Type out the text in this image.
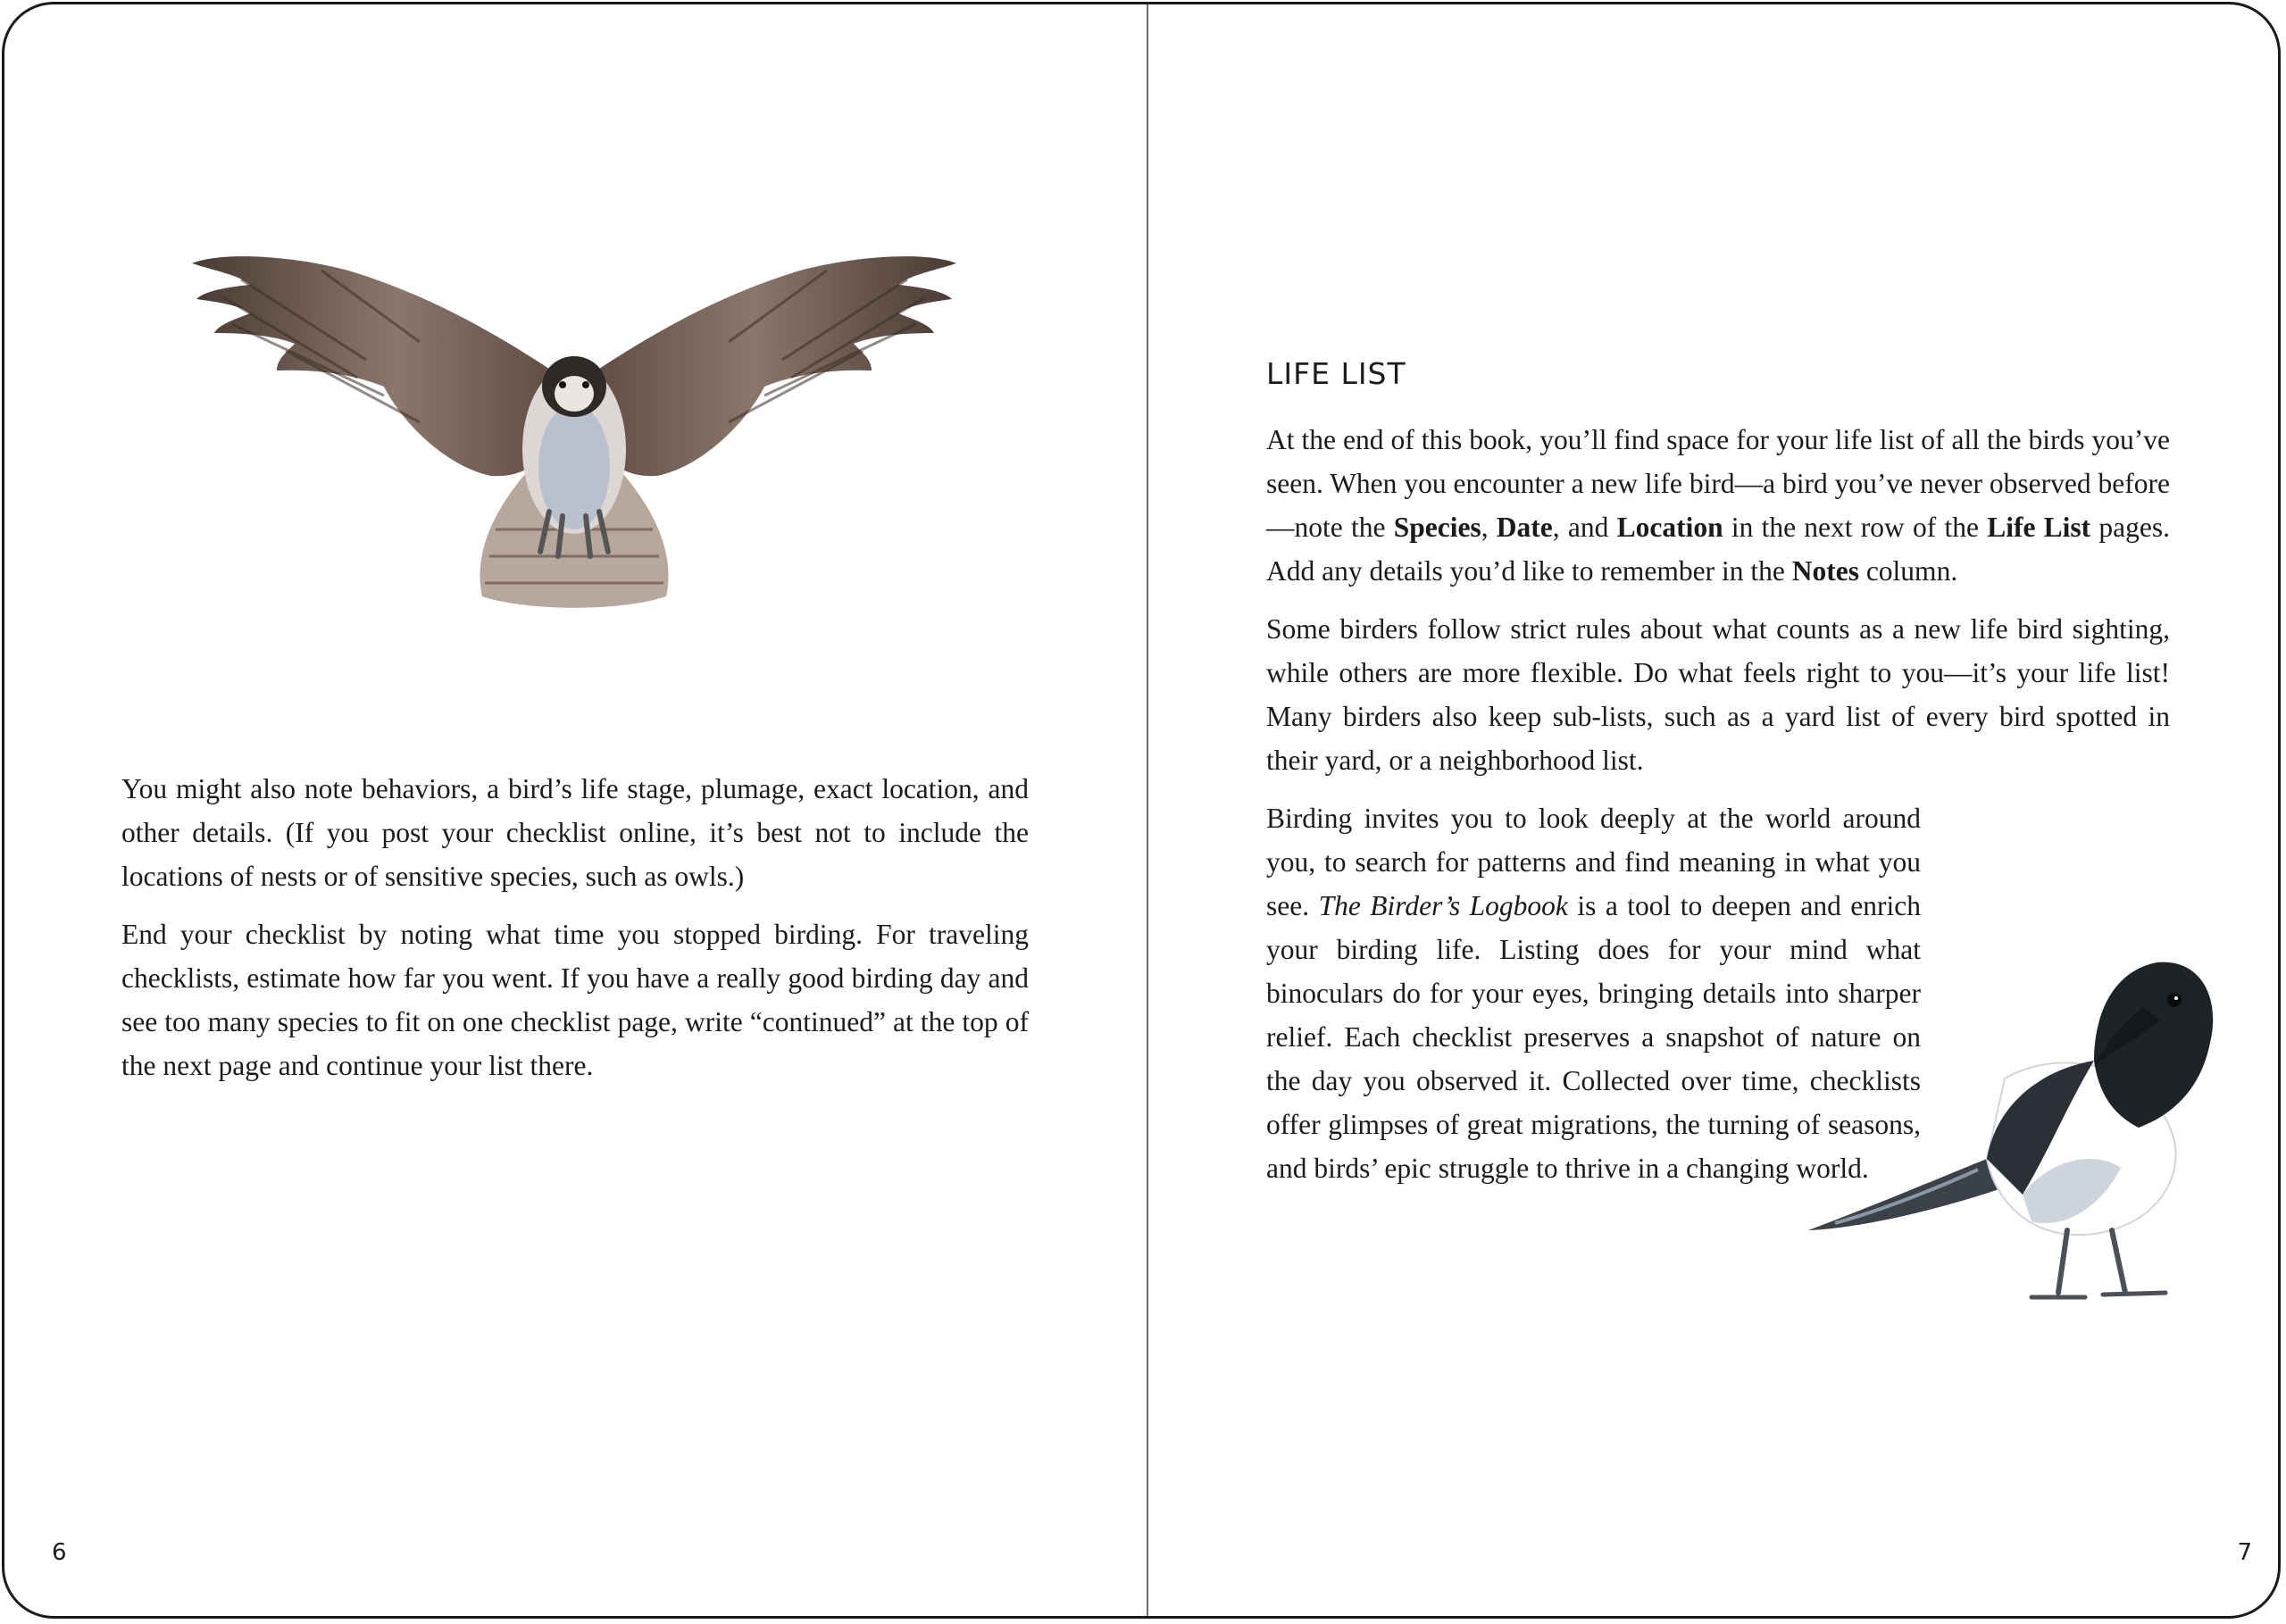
You might also note behaviors, a bird’s life stage, plumage, exact location, and other details. (If you post your checklist online, it’s best not to include the locations of nests or of sensitive species, such as owls.)

End your checklist by noting what time you stopped birding. For traveling checklists, estimate how far you went. If you have a really good birding day and see too many species to fit on one checklist page, write “continued” at the top of the next page and continue your list there.

6
LIFE LIST

At the end of this book, you’ll find space for your life list of all the birds you’ve seen. When you encounter a new life bird—a bird you’ve never observed before—note the Species, Date, and Location in the next row of the Life List pages. Add any details you’d like to remember in the Notes column.

Some birders follow strict rules about what counts as a new life bird sighting, while others are more flexible. Do what feels right to you—it’s your life list! Many birders also keep sub-lists, such as a yard list of every bird spotted in their yard, or a neighborhood list.

Birding invites you to look deeply at the world around you, to search for patterns and find meaning in what you see. The Birder’s Logbook is a tool to deepen and enrich your birding life. Listing does for your mind what binoculars do for your eyes, bringing details into sharper relief. Each checklist preserves a snapshot of nature on the day you observed it. Collected over time, checklists offer glimpses of great migrations, the turning of seasons, and birds’ epic struggle to thrive in a changing world.

7
